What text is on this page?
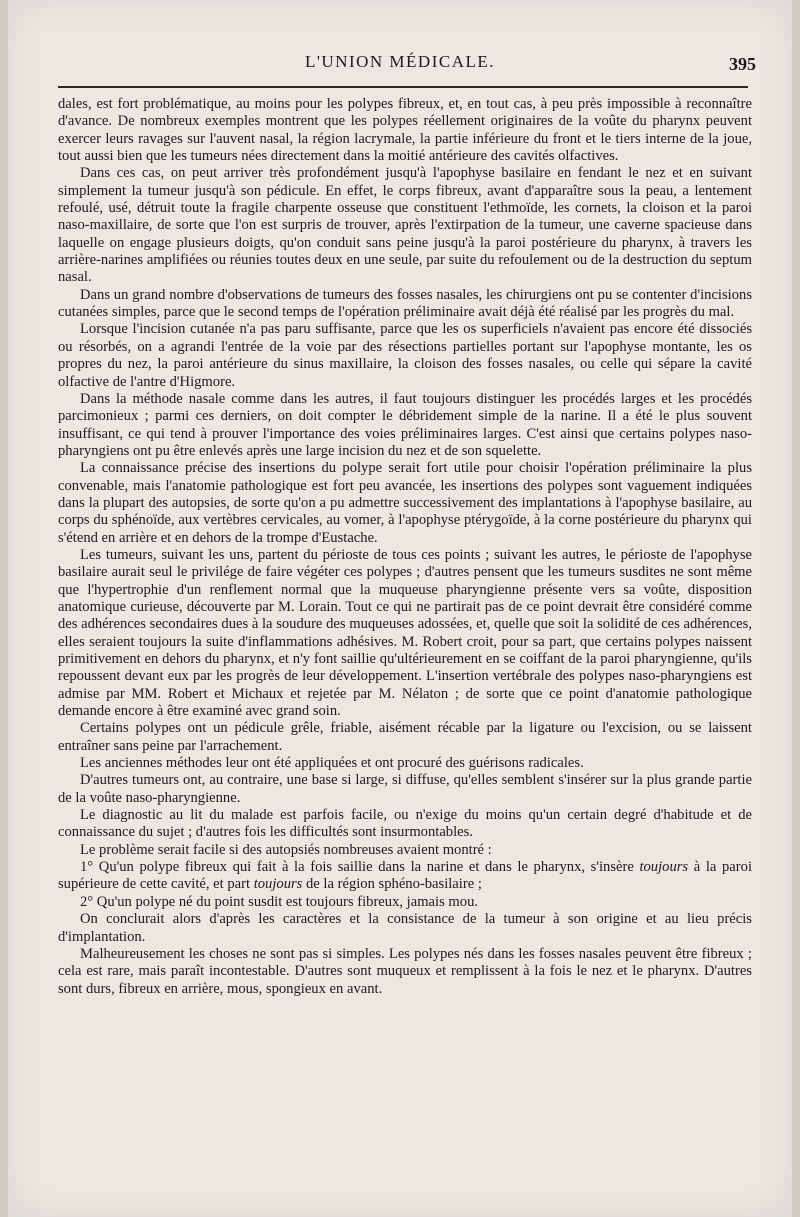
L'UNION MÉDICALE.	395

dales, est fort problématique, au moins pour les polypes fibreux, et, en tout cas, à peu près impossible à reconnaître d'avance. De nombreux exemples montrent que les polypes réellement originaires de la voûte du pharynx peuvent exercer leurs ravages sur l'auvent nasal, la région lacrymale, la partie inférieure du front et le tiers interne de la joue, tout aussi bien que les tumeurs nées directement dans la moitié antérieure des cavités olfactives.

Dans ces cas, on peut arriver très profondément jusqu'à l'apophyse basilaire en fendant le nez et en suivant simplement la tumeur jusqu'à son pédicule. En effet, le corps fibreux, avant d'apparaître sous la peau, a lentement refoulé, usé, détruit toute la fragile charpente osseuse que constituent l'ethmoïde, les cornets, la cloison et la paroi naso-maxillaire, de sorte que l'on est surpris de trouver, après l'extirpation de la tumeur, une caverne spacieuse dans laquelle on engage plusieurs doigts, qu'on conduit sans peine jusqu'à la paroi postérieure du pharynx, à travers les arrière-narines amplifiées ou réunies toutes deux en une seule, par suite du refoulement ou de la destruction du septum nasal.

Dans un grand nombre d'observations de tumeurs des fosses nasales, les chirurgiens ont pu se contenter d'incisions cutanées simples, parce que le second temps de l'opération préliminaire avait déjà été réalisé par les progrès du mal.

Lorsque l'incision cutanée n'a pas paru suffisante, parce que les os superficiels n'avaient pas encore été dissociés ou résorbés, on a agrandi l'entrée de la voie par des résections partielles portant sur l'apophyse montante, les os propres du nez, la paroi antérieure du sinus maxillaire, la cloison des fosses nasales, ou celle qui sépare la cavité olfactive de l'antre d'Higmore.

Dans la méthode nasale comme dans les autres, il faut toujours distinguer les procédés larges et les procédés parcimonieux ; parmi ces derniers, on doit compter le débridement simple de la narine. Il a été le plus souvent insuffisant, ce qui tend à prouver l'importance des voies préliminaires larges. C'est ainsi que certains polypes naso-pharyngiens ont pu être enlevés après une large incision du nez et de son squelette.

La connaissance précise des insertions du polype serait fort utile pour choisir l'opération préliminaire la plus convenable, mais l'anatomie pathologique est fort peu avancée, les insertions des polypes sont vaguement indiquées dans la plupart des autopsies, de sorte qu'on a pu admettre successivement des implantations à l'apophyse basilaire, au corps du sphénoïde, aux vertèbres cervicales, au vomer, à l'apophyse ptérygoïde, à la corne postérieure du pharynx qui s'étend en arrière et en dehors de la trompe d'Eustache.

Les tumeurs, suivant les uns, partent du périoste de tous ces points ; suivant les autres, le périoste de l'apophyse basilaire aurait seul le privilége de faire végéter ces polypes ; d'autres pensent que les tumeurs susdites ne sont même que l'hypertrophie d'un renflement normal que la muqueuse pharyngienne présente vers sa voûte, disposition anatomique curieuse, découverte par M. Lorain. Tout ce qui ne partirait pas de ce point devrait être considéré comme des adhérences secondaires dues à la soudure des muqueuses adossées, et, quelle que soit la solidité de ces adhérences, elles seraient toujours la suite d'inflammations adhésives. M. Robert croit, pour sa part, que certains polypes naissent primitivement en dehors du pharynx, et n'y font saillie qu'ultérieurement en se coiffant de la paroi pharyngienne, qu'ils repoussent devant eux par les progrès de leur développement. L'insertion vertébrale des polypes naso-pharyngiens est admise par MM. Robert et Michaux et rejetée par M. Nélaton ; de sorte que ce point d'anatomie pathologique demande encore à être examiné avec grand soin.

Certains polypes ont un pédicule grêle, friable, aisément récable par la ligature ou l'excision, ou se laissent entraîner sans peine par l'arrachement.

Les anciennes méthodes leur ont été appliquées et ont procuré des guérisons radicales.

D'autres tumeurs ont, au contraire, une base si large, si diffuse, qu'elles semblent s'insérer sur la plus grande partie de la voûte naso-pharyngienne.

Le diagnostic au lit du malade est parfois facile, ou n'exige du moins qu'un certain degré d'habitude et de connaissance du sujet ; d'autres fois les difficultés sont insurmontables.

Le problème serait facile si des autopsiés nombreuses avaient montré :

1° Qu'un polype fibreux qui fait à la fois saillie dans la narine et dans le pharynx, s'insère toujours à la paroi supérieure de cette cavité, et part toujours de la région sphéno-basilaire ;

2° Qu'un polype né du point susdit est toujours fibreux, jamais mou.

On conclurait alors d'après les caractères et la consistance de la tumeur à son origine et au lieu précis d'implantation.

Malheureusement les choses ne sont pas si simples. Les polypes nés dans les fosses nasales peuvent être fibreux ; cela est rare, mais paraît incontestable. D'autres sont muqueux et remplissent à la fois le nez et le pharynx. D'autres sont durs, fibreux en arrière, mous, spongieux en avant.
